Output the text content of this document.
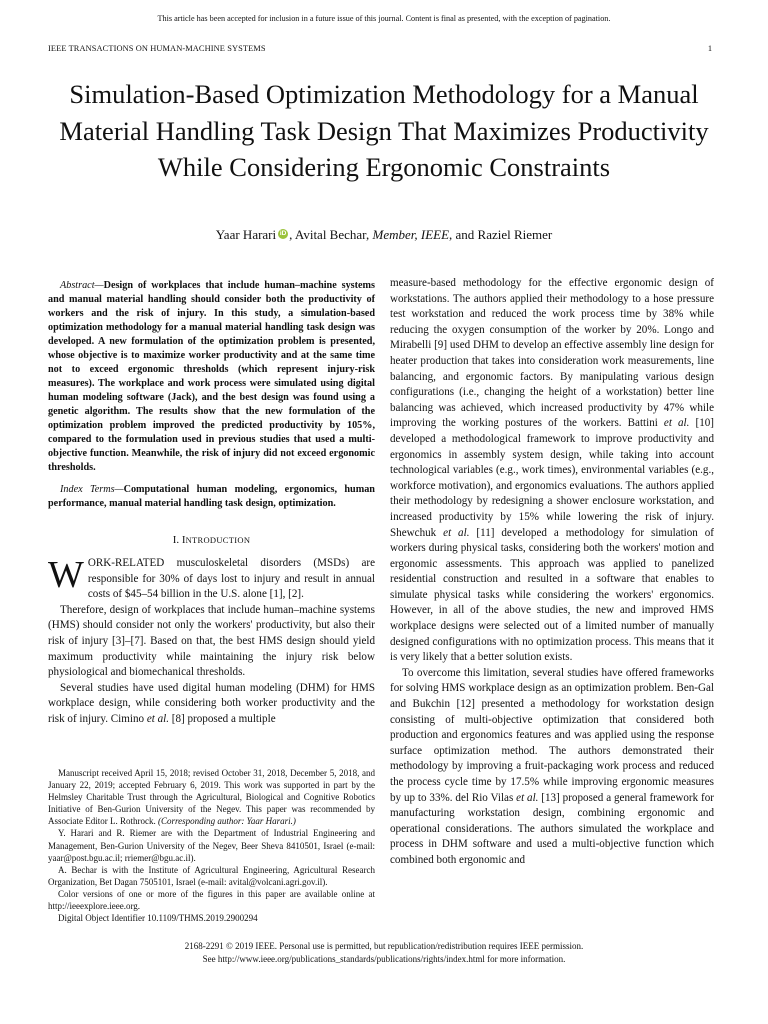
This article has been accepted for inclusion in a future issue of this journal. Content is final as presented, with the exception of pagination.
IEEE TRANSACTIONS ON HUMAN-MACHINE SYSTEMS	1
Simulation-Based Optimization Methodology for a Manual Material Handling Task Design That Maximizes Productivity While Considering Ergonomic Constraints
Yaar Harari iD , Avital Bechar, Member, IEEE, and Raziel Riemer
Abstract—Design of workplaces that include human–machine systems and manual material handling should consider both the productivity of workers and the risk of injury. In this study, a simulation-based optimization methodology for a manual material handling task design was developed. A new formulation of the optimization problem is presented, whose objective is to maximize worker productivity and at the same time not to exceed ergonomic thresholds (which represent injury-risk measures). The workplace and work process were simulated using digital human modeling software (Jack), and the best design was found using a genetic algorithm. The results show that the new formulation of the optimization problem improved the predicted productivity by 105%, compared to the formulation used in previous studies that used a multi-objective function. Meanwhile, the risk of injury did not exceed ergonomic thresholds.
Index Terms—Computational human modeling, ergonomics, human performance, manual material handling task design, optimization.
I. INTRODUCTION

WORK-RELATED musculoskeletal disorders (MSDs) are responsible for 30% of days lost to injury and result in annual costs of $45–54 billion in the U.S. alone [1], [2].

Therefore, design of workplaces that include human–machine systems (HMS) should consider not only the workers' productivity, but also their risk of injury [3]–[7]. Based on that, the best HMS design should yield maximum productivity while maintaining the injury risk below physiological and biomechanical thresholds.

Several studies have used digital human modeling (DHM) for HMS workplace design, while considering both worker productivity and the risk of injury. Cimino et al. [8] proposed a multiple

Manuscript received April 15, 2018; revised October 31, 2018, December 5, 2018, and January 22, 2019; accepted February 6, 2019. This work was supported in part by the Helmsley Charitable Trust through the Agricultural, Biological and Cognitive Robotics Initiative of Ben-Gurion University of the Negev. This paper was recommended by Associate Editor L. Rothrock. (Corresponding author: Yaar Harari.)

Y. Harari and R. Riemer are with the Department of Industrial Engineering and Management, Ben-Gurion University of the Negev, Beer Sheva 8410501, Israel (e-mail: yaar@post.bgu.ac.il; rriemer@bgu.ac.il).

A. Bechar is with the Institute of Agricultural Engineering, Agricultural Research Organization, Bet Dagan 7505101, Israel (e-mail: avital@volcani.agri.gov.il).

Color versions of one or more of the figures in this paper are available online at http://ieeexplore.ieee.org.

Digital Object Identifier 10.1109/THMS.2019.2900294

measure-based methodology for the effective ergonomic design of workstations. The authors applied their methodology to a hose pressure test workstation and reduced the work process time by 38% while reducing the oxygen consumption of the worker by 20%. Longo and Mirabelli [9] used DHM to develop an effective assembly line design for heater production that takes into consideration work measurements, line balancing, and ergonomic factors. By manipulating various design configurations (i.e., changing the height of a workstation) better line balancing was achieved, which increased productivity by 47% while improving the working postures of the workers. Battini et al. [10] developed a methodological framework to improve productivity and ergonomics in assembly system design, while taking into account technological variables (e.g., work times), environmental variables (e.g., workforce motivation), and ergonomics evaluations. The authors applied their methodology by redesigning a shower enclosure workstation, and increased productivity by 15% while lowering the risk of injury. Shewchuk et al. [11] developed a methodology for simulation of workers during physical tasks, considering both the workers' motion and ergonomic assessments. This approach was applied to panelized residential construction and resulted in a software that enables to simulate physical tasks while considering the workers' ergonomics. However, in all of the above studies, the new and improved HMS workplace designs were selected out of a limited number of manually designed configurations with no optimization process. This means that it is very likely that a better solution exists.

To overcome this limitation, several studies have offered frameworks for solving HMS workplace design as an optimization problem. Ben-Gal and Bukchin [12] presented a methodology for workstation design consisting of multi-objective optimization that considered both production and ergonomics features and was applied using the response surface optimization method. The authors demonstrated their methodology by improving a fruit-packaging work process and reduced the process cycle time by 17.5% while improving ergonomic measures by up to 33%. del Rio Vilas et al. [13] proposed a general framework for manufacturing workstation design, combining ergonomic and operational considerations. The authors simulated the workplace and process in DHM software and used a multi-objective function which combined both ergonomic and

2168-2291 © 2019 IEEE. Personal use is permitted, but republication/redistribution requires IEEE permission.
See http://www.ieee.org/publications_standards/publications/rights/index.html for more information.
